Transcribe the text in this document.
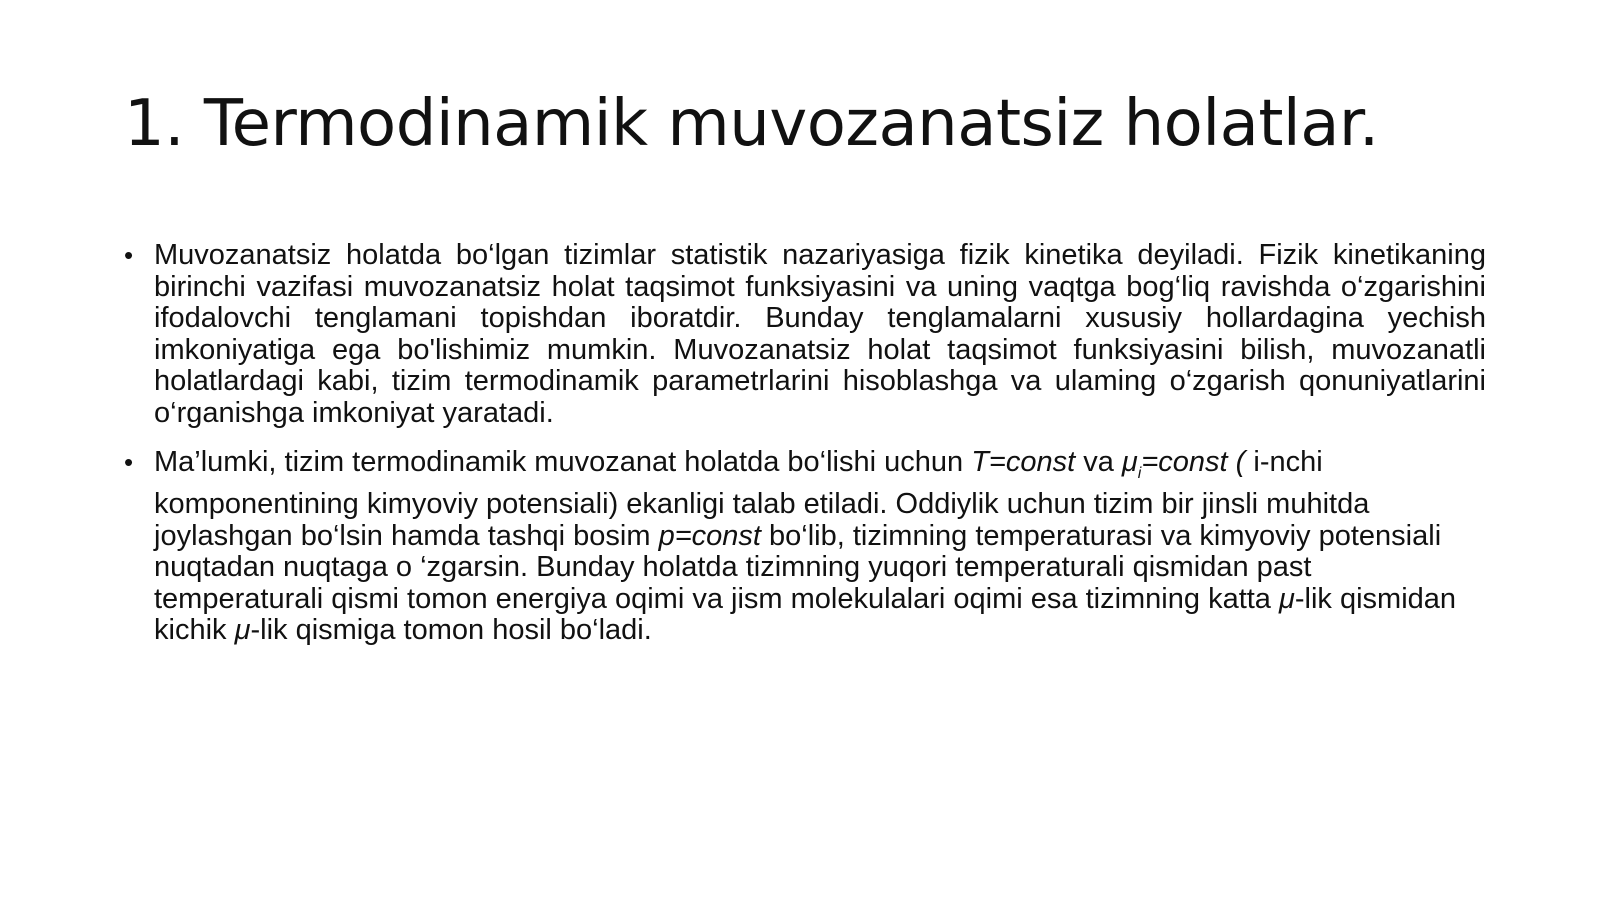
1. Termodinamik muvozanatsiz holatlar.
• Muvozanatsiz holatda bo‘lgan tizimlar statistik nazariyasiga fizik kinetika deyiladi. Fizik kinetikaning birinchi vazifasi muvozanatsiz holat taqsimot funksiyasini va uning vaqtga bog‘liq ravishda o‘zgarishini ifodalovchi tenglamani topishdan iboratdir. Bunday tenglamalarni xususiy hollardagina yechish imkoniyatiga ega bo'lishimiz mumkin. Muvozanatsiz holat taqsimot funksiyasini bilish, muvozanatli holatlardagi kabi, tizim termodinamik parametrlarini hisoblashga va ulaming o‘zgarish qonuniyatlarini o‘rganishga imkoniyat yaratadi.
• Ma’lumki, tizim termodinamik muvozanat holatda bo‘lishi uchun T=const va $\mu_i=const$ ( i-nchi komponentining kimyoviy potensiali) ekanligi talab etiladi. Oddiylik uchun tizim bir jinsli muhitda joylashgan bo‘lsin hamda tashqi bosim p=const bo‘lib, tizimning temperaturasi va kimyoviy potensiali nuqtadan nuqtaga o ‘zgarsin. Bunday holatda tizimning yuqori temperaturali qismidan past temperaturali qismi tomon energiya oqimi va jism molekulalari oqimi esa tizimning katta μ-lik qismidan kichik μ-lik qismiga tomon hosil bo‘ladi.
